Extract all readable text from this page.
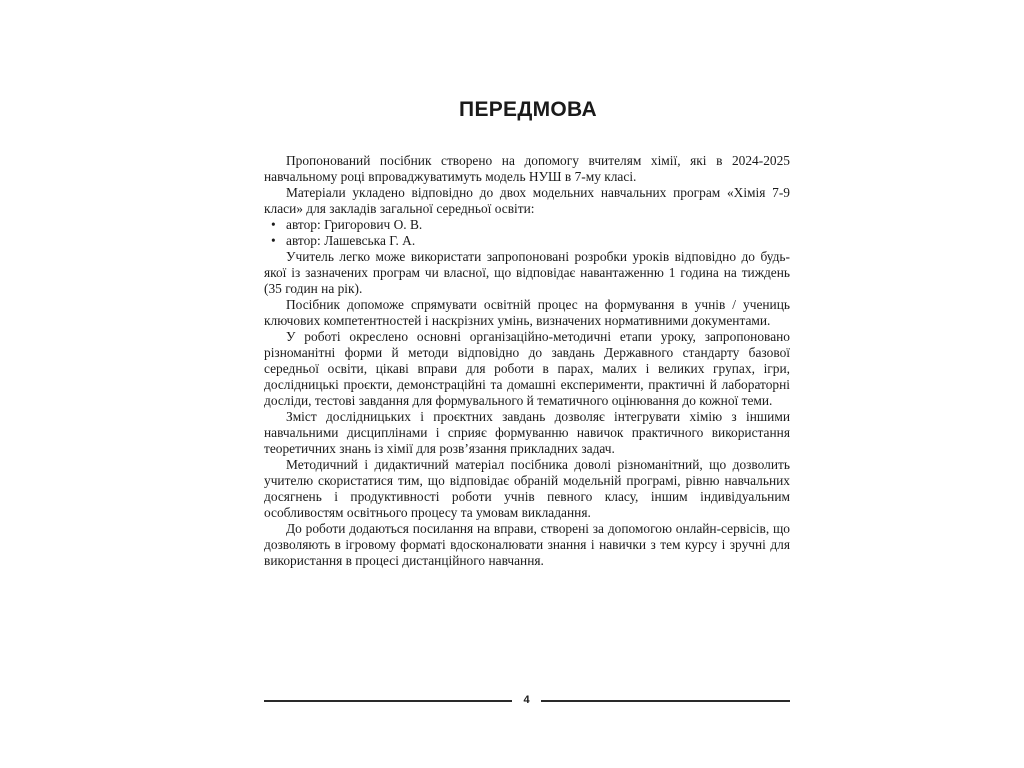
ПЕРЕДМОВА

Пропонований посібник створено на допомогу вчителям хімії, які в 2024-2025 навчальному році впроваджуватимуть модель НУШ в 7-му класі.

Матеріали укладено відповідно до двох модельних навчальних програм «Хімія 7-9 класи» для закладів загальної середньої освіти:

• автор: Григорович О. В.
• автор: Лашевська Г. А.

Учитель легко може використати запропоновані розробки уроків відповідно до будь-якої із зазначених програм чи власної, що відповідає навантаженню 1 година на тиждень (35 годин на рік).

Посібник допоможе спрямувати освітній процес на формування в учнів / учениць ключових компетентностей і наскрізних умінь, визначених нормативними документами.

У роботі окреслено основні організаційно-методичні етапи уроку, запропоновано різноманітні форми й методи відповідно до завдань Державного стандарту базової середньої освіти, цікаві вправи для роботи в парах, малих і великих групах, ігри, дослідницькі проєкти, демонстраційні та домашні експерименти, практичні й лабораторні досліди, тестові завдання для формувального й тематичного оцінювання до кожної теми.

Зміст дослідницьких і проєктних завдань дозволяє інтегрувати хімію з іншими навчальними дисциплінами і сприяє формуванню навичок практичного використання теоретичних знань із хімії для розв’язання прикладних задач.

Методичний і дидактичний матеріал посібника доволі різноманітний, що дозволить учителю скористатися тим, що відповідає обраній модельній програмі, рівню навчальних досягнень і продуктивності роботи учнів певного класу, іншим індивідуальним особливостям освітнього процесу та умовам викладання.

До роботи додаються посилання на вправи, створені за допомогою онлайн-сервісів, що дозволяють в ігровому форматі вдосконалювати знання і навички з тем курсу і зручні для використання в процесі дистанційного навчання.

4
